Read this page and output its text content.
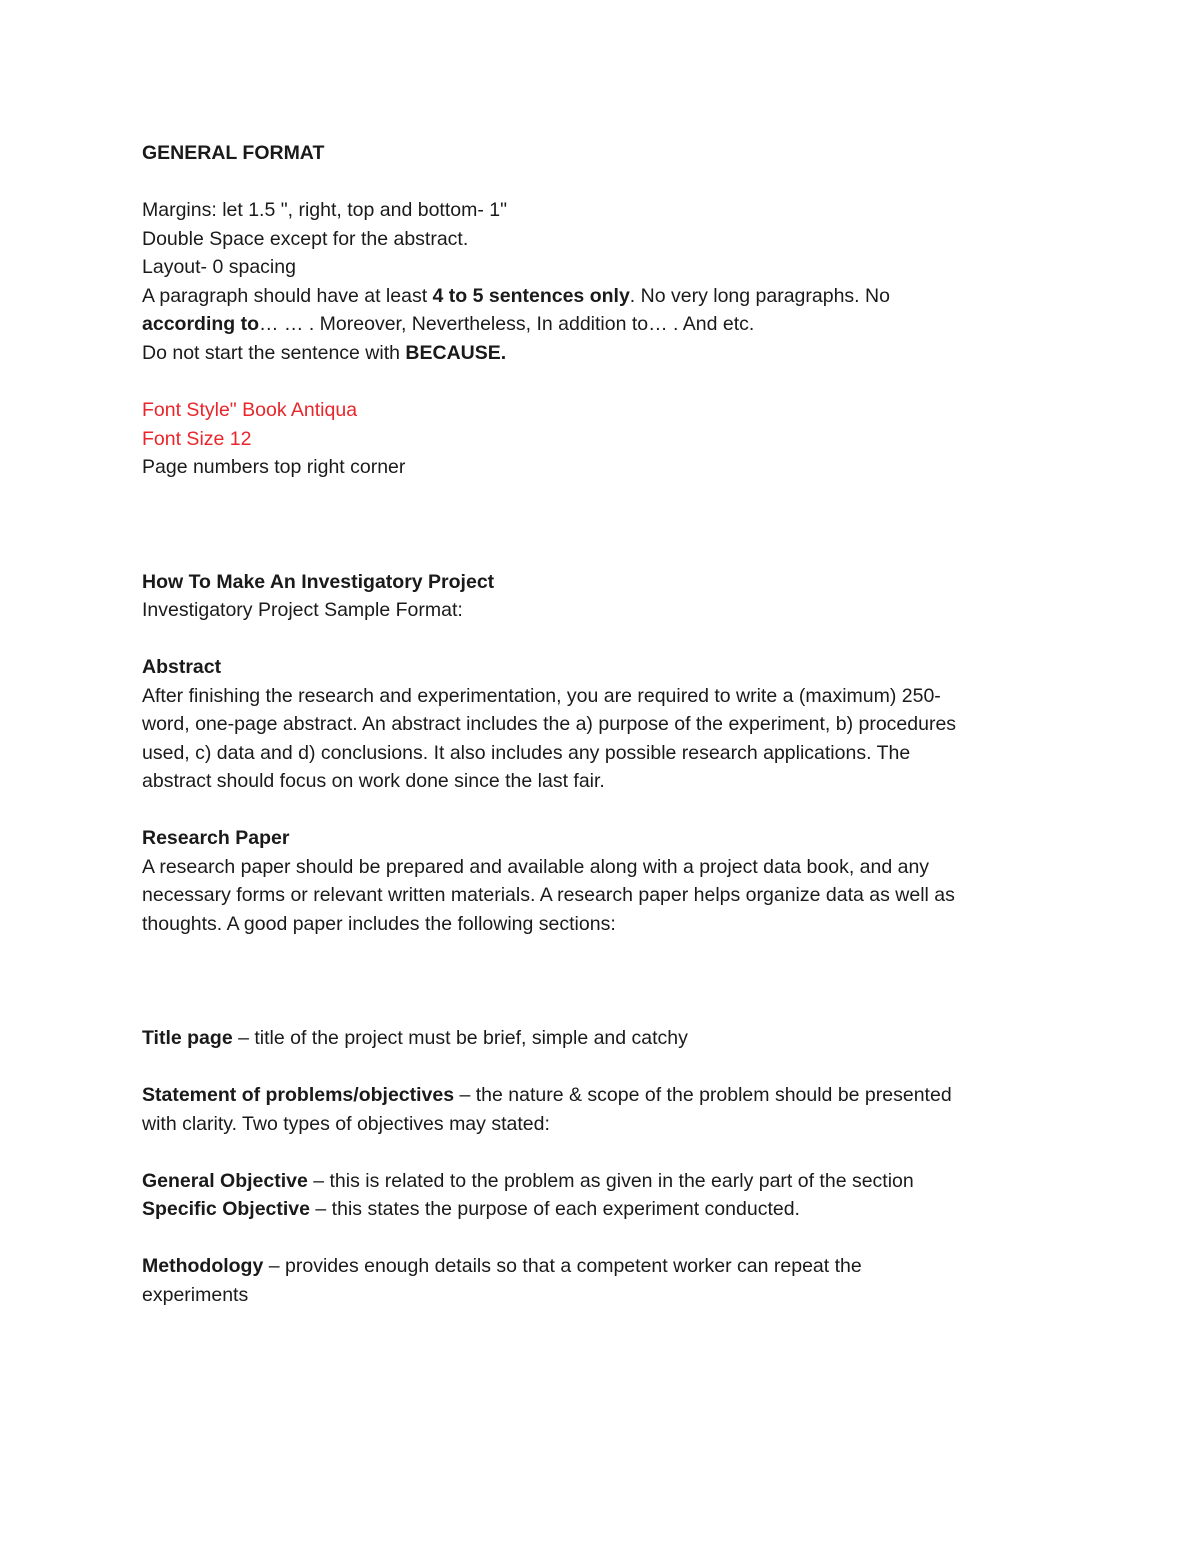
GENERAL FORMAT
Margins: let 1.5 ", right, top and bottom- 1"
Double Space except for the abstract.
Layout- 0 spacing
A paragraph should have at least 4 to 5 sentences only. No very long paragraphs. No
according to… … . Moreover, Nevertheless, In addition to… . And etc.
Do not start the sentence with BECAUSE.
Font Style" Book Antiqua
Font Size 12
Page numbers top right corner
How To Make An Investigatory Project
Investigatory Project Sample Format:
Abstract
After finishing the research and experimentation, you are required to write a (maximum) 250-
word, one-page abstract. An abstract includes the a) purpose of the experiment, b) procedures
used, c) data and d) conclusions. It also includes any possible research applications. The
abstract should focus on work done since the last fair.
Research Paper
A research paper should be prepared and available along with a project data book, and any
necessary forms or relevant written materials. A research paper helps organize data as well as
thoughts. A good paper includes the following sections:
Title page – title of the project must be brief, simple and catchy
Statement of problems/objectives – the nature & scope of the problem should be presented
with clarity. Two types of objectives may stated:
General Objective – this is related to the problem as given in the early part of the section
Specific Objective – this states the purpose of each experiment conducted.
Methodology – provides enough details so that a competent worker can repeat the
experiments
